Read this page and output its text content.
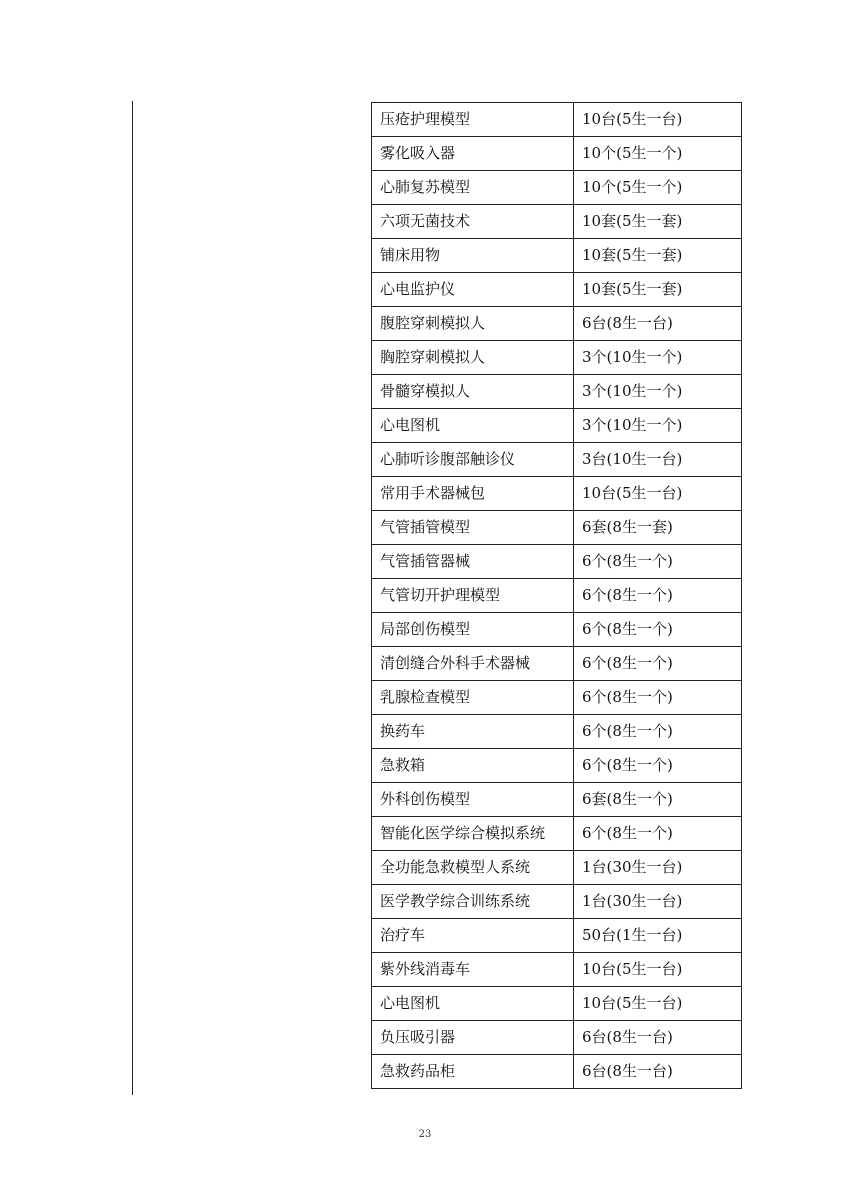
压疮护理模型	10台(5生一台)
雾化吸入器	10个(5生一个)
心肺复苏模型	10个(5生一个)
六项无菌技术	10套(5生一套)
铺床用物	10套(5生一套)
心电监护仪	10套(5生一套)
腹腔穿刺模拟人	6台(8生一台)
胸腔穿刺模拟人	3个(10生一个)
骨髓穿模拟人	3个(10生一个)
心电图机	3个(10生一个)
心肺听诊腹部触诊仪	3台(10生一台)
常用手术器械包	10台(5生一台)
气管插管模型	6套(8生一套)
气管插管器械	6个(8生一个)
气管切开护理模型	6个(8生一个)
局部创伤模型	6个(8生一个)
清创缝合外科手术器械	6个(8生一个)
乳腺检查模型	6个(8生一个)
换药车	6个(8生一个)
急救箱	6个(8生一个)
外科创伤模型	6套(8生一个)
智能化医学综合模拟系统	6个(8生一个)
全功能急救模型人系统	1台(30生一台)
医学教学综合训练系统	1台(30生一台)
治疗车	50台(1生一台)
紫外线消毒车	10台(5生一台)
心电图机	10台(5生一台)
负压吸引器	6台(8生一台)
急救药品柜	6台(8生一台)
23
